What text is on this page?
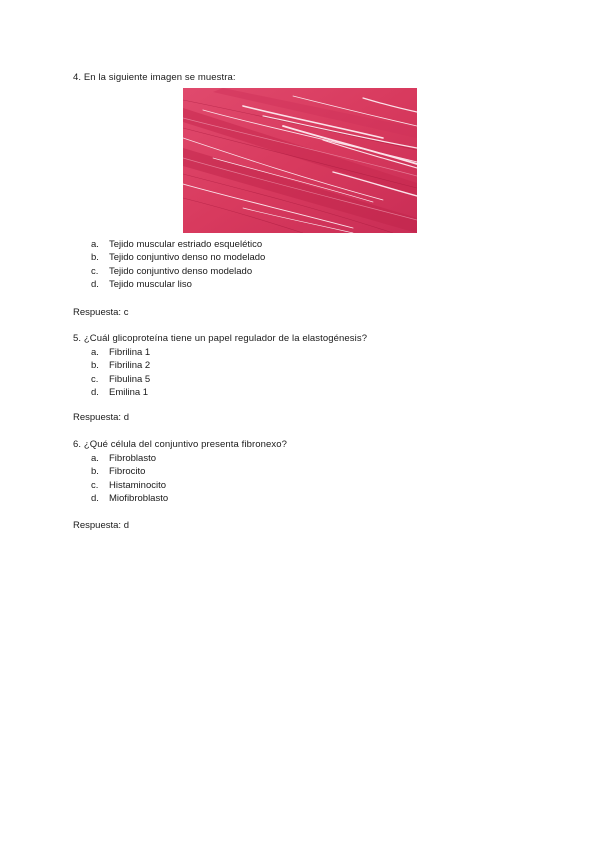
4. En la siguiente imagen se muestra:
a. Tejido muscular estriado esquelético
b. Tejido conjuntivo denso no modelado
c. Tejido conjuntivo denso modelado
d. Tejido muscular liso
Respuesta: c
5. ¿Cuál glicoproteína tiene un papel regulador de la elastogénesis?
a. Fibrilina 1
b. Fibrilina 2
c. Fibulina 5
d. Emilina 1
Respuesta: d
6. ¿Qué célula del conjuntivo presenta fibronexo?
a. Fibroblasto
b. Fibrocito
c. Histaminocito
d. Miofibroblasto
Respuesta: d
